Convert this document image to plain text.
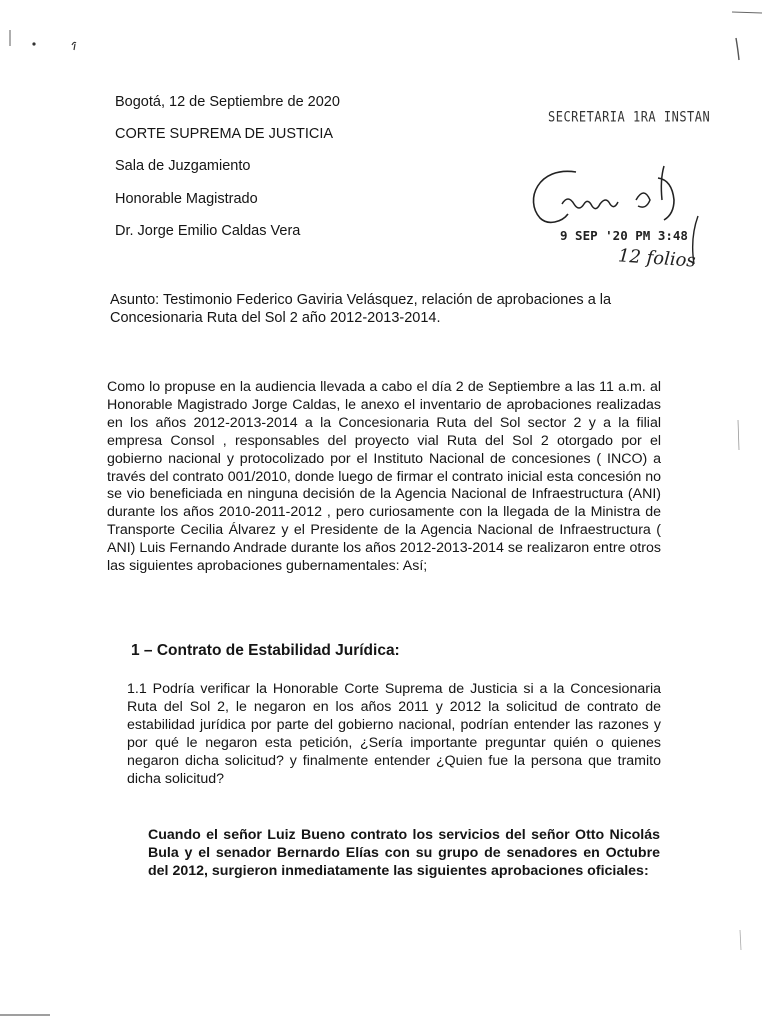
Bogotá, 12 de Septiembre de 2020
CORTE SUPREMA DE JUSTICIA
Sala de Juzgamiento
Honorable Magistrado
Dr. Jorge Emilio Caldas Vera
SECRETARIA 1RA INSTAN
9 SEP '20 PM 3:48
12 folios
Asunto: Testimonio Federico Gaviria Velásquez, relación de aprobaciones a la
Concesionaria Ruta del Sol 2 año 2012-2013-2014.
Como lo propuse en la audiencia llevada a cabo el día 2 de Septiembre a las 11 a.m. al Honorable Magistrado Jorge Caldas, le anexo el inventario de aprobaciones realizadas en los años 2012-2013-2014 a la Concesionaria Ruta del Sol sector 2 y a la filial empresa Consol , responsables del proyecto vial Ruta del Sol 2 otorgado por el gobierno nacional y protocolizado por el Instituto Nacional de concesiones ( INCO) a través del contrato 001/2010, donde luego de firmar el contrato inicial esta concesión no se vio beneficiada en ninguna decisión de la Agencia Nacional de Infraestructura (ANI) durante los años 2010-2011-2012 , pero curiosamente con la llegada de la Ministra de Transporte Cecilia Álvarez y el Presidente de la Agencia Nacional de Infraestructura ( ANI) Luis Fernando Andrade durante los años 2012-2013-2014 se realizaron entre otros las siguientes aprobaciones gubernamentales: Así;
1 – Contrato de Estabilidad Jurídica:
1.1 Podría verificar la Honorable Corte Suprema de Justicia si a la Concesionaria Ruta del Sol 2, le negaron en los años 2011 y 2012 la solicitud de contrato de estabilidad jurídica por parte del gobierno nacional, podrían entender las razones y por qué le negaron esta petición, ¿Sería importante preguntar quién o quienes negaron dicha solicitud? y finalmente entender ¿Quien fue la persona que tramito dicha solicitud?
Cuando el señor Luiz Bueno contrato los servicios del señor Otto Nicolás Bula y el senador Bernardo Elías con su grupo de senadores en Octubre del 2012, surgieron inmediatamente las siguientes aprobaciones oficiales:
